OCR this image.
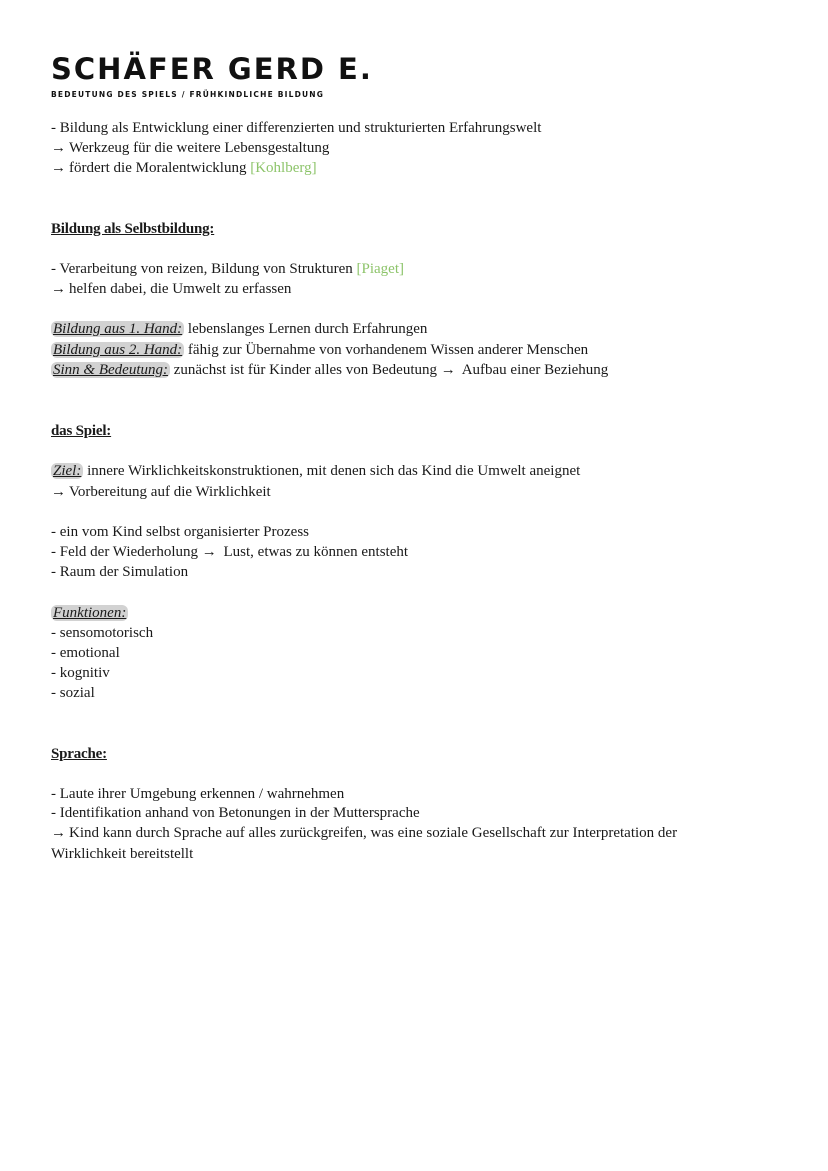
SCHÄFER GERD E.
BEDEUTUNG DES SPIELS / FRÜHKINDLICHE BILDUNG
- Bildung als Entwicklung einer differenzierten und strukturierten Erfahrungswelt
→ Werkzeug für die weitere Lebensgestaltung
→ fördert die Moralentwicklung [Kohlberg]
Bildung als Selbstbildung:
- Verarbeitung von reizen, Bildung von Strukturen [Piaget]
→ helfen dabei, die Umwelt zu erfassen
Bildung aus 1. Hand: lebenslanges Lernen durch Erfahrungen
Bildung aus 2. Hand: fähig zur Übernahme von vorhandenem Wissen anderer Menschen
Sinn & Bedeutung: zunächst ist für Kinder alles von Bedeutung → Aufbau einer Beziehung
das Spiel:
Ziel: innere Wirklichkeitskonstruktionen, mit denen sich das Kind die Umwelt aneignet
→ Vorbereitung auf die Wirklichkeit
- ein vom Kind selbst organisierter Prozess
- Feld der Wiederholung → Lust, etwas zu können entsteht
- Raum der Simulation
Funktionen:
- sensomotorisch
- emotional
- kognitiv
- sozial
Sprache:
- Laute ihrer Umgebung erkennen / wahrnehmen
- Identifikation anhand von Betonungen in der Muttersprache
→ Kind kann durch Sprache auf alles zurückgreifen, was eine soziale Gesellschaft zur Interpretation der
Wirklichkeit bereitstellt
